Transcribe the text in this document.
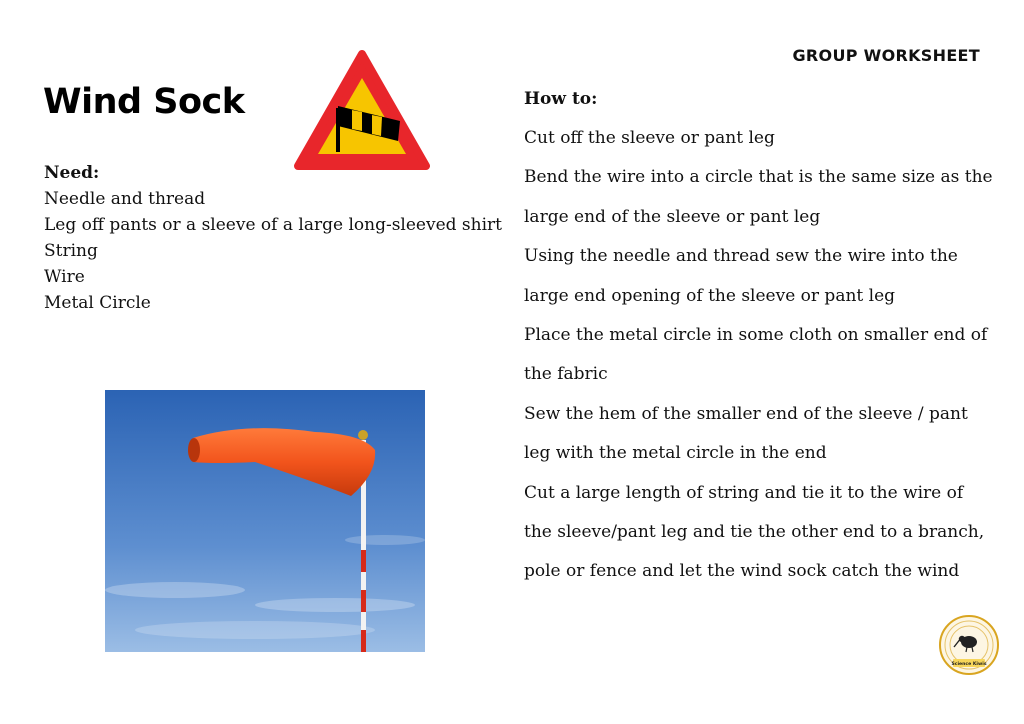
GROUP WORKSHEET
Wind Sock
Need:
Needle and thread
Leg off pants or a sleeve of a large long-sleeved shirt
String
Wire
Metal Circle
How to:
Cut off the sleeve or pant leg
Bend the wire into a circle that is the same size as the large end of the sleeve or pant leg
Using the needle and thread sew the wire into the large end opening of the sleeve or pant leg
Place the metal circle in some cloth on smaller end of the fabric
Sew the hem of the smaller end of the sleeve / pant leg with the metal circle in the end
Cut a large length of string and tie it to the wire of the sleeve/pant leg and tie the other end to a branch, pole or fence and let the wind sock catch the wind
Science Kiwis
